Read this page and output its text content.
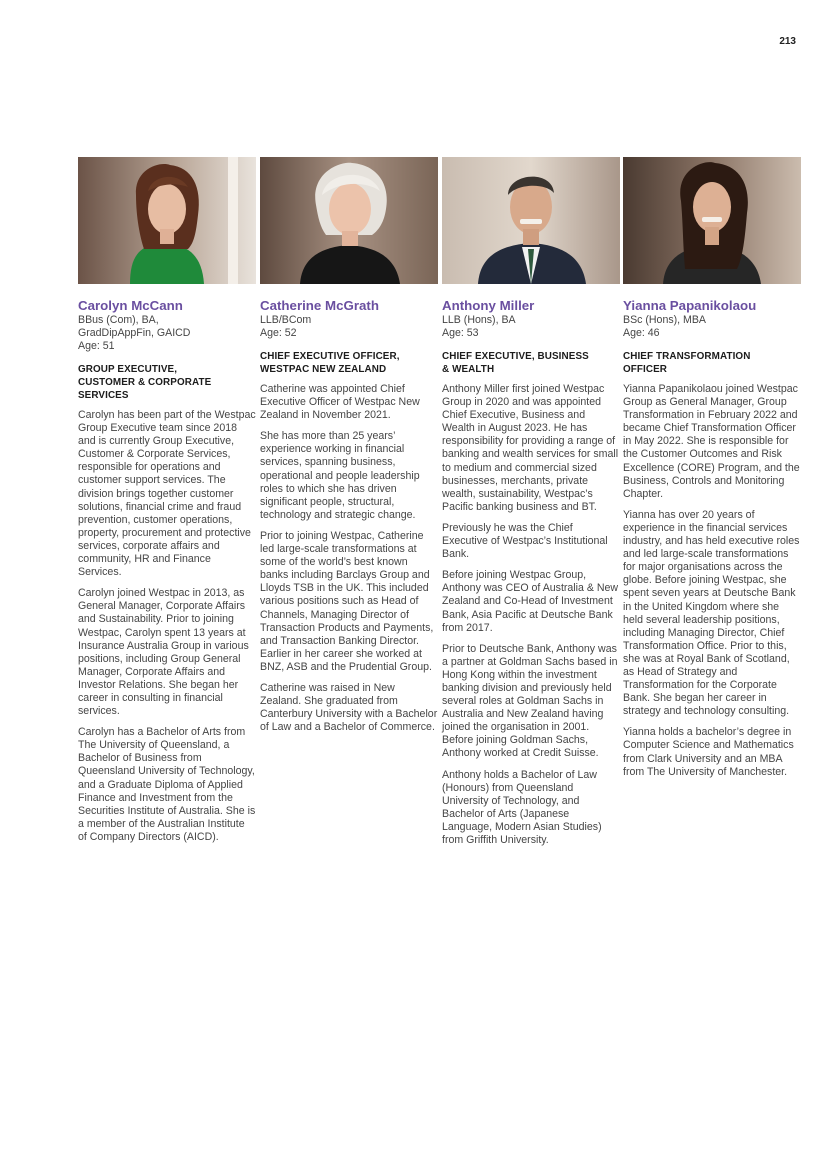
213
Carolyn McCann
BBus (Com), BA,
GradDipAppFin, GAICD
Age: 51
GROUP EXECUTIVE,
CUSTOMER & CORPORATE
SERVICES

Carolyn has been part of the Westpac Group Executive team since 2018 and is currently Group Executive, Customer & Corporate Services, responsible for operations and customer support services. The division brings together customer solutions, financial crime and fraud prevention, customer operations, property, procurement and protective services, corporate affairs and community, HR and Finance Services.

Carolyn joined Westpac in 2013, as General Manager, Corporate Affairs and Sustainability. Prior to joining Westpac, Carolyn spent 13 years at Insurance Australia Group in various positions, including Group General Manager, Corporate Affairs and Investor Relations. She began her career in consulting in financial services.

Carolyn has a Bachelor of Arts from The University of Queensland, a Bachelor of Business from Queensland University of Technology, and a Graduate Diploma of Applied Finance and Investment from the Securities Institute of Australia. She is a member of the Australian Institute of Company Directors (AICD).

Catherine McGrath
LLB/BCom
Age: 52
CHIEF EXECUTIVE OFFICER,
WESTPAC NEW ZEALAND

Catherine was appointed Chief Executive Officer of Westpac New Zealand in November 2021.

She has more than 25 years’ experience working in financial services, spanning business, operational and people leadership roles to which she has driven significant people, structural, technology and strategic change.

Prior to joining Westpac, Catherine led large-scale transformations at some of the world’s best known banks including Barclays Group and Lloyds TSB in the UK. This included various positions such as Head of Channels, Managing Director of Transaction Products and Payments, and Transaction Banking Director. Earlier in her career she worked at BNZ, ASB and the Prudential Group.

Catherine was raised in New Zealand. She graduated from Canterbury University with a Bachelor of Law and a Bachelor of Commerce.

Anthony Miller
LLB (Hons), BA
Age: 53
CHIEF EXECUTIVE, BUSINESS
& WEALTH

Anthony Miller first joined Westpac Group in 2020 and was appointed Chief Executive, Business and Wealth in August 2023. He has responsibility for providing a range of banking and wealth services for small to medium and commercial sized businesses, merchants, private wealth, sustainability, Westpac’s Pacific banking business and BT.

Previously he was the Chief Executive of Westpac’s Institutional Bank.

Before joining Westpac Group, Anthony was CEO of Australia & New Zealand and Co-Head of Investment Bank, Asia Pacific at Deutsche Bank from 2017.

Prior to Deutsche Bank, Anthony was a partner at Goldman Sachs based in Hong Kong within the investment banking division and previously held several roles at Goldman Sachs in Australia and New Zealand having joined the organisation in 2001. Before joining Goldman Sachs, Anthony worked at Credit Suisse.

Anthony holds a Bachelor of Law (Honours) from Queensland University of Technology, and Bachelor of Arts (Japanese Language, Modern Asian Studies) from Griffith University.

Yianna Papanikolaou
BSc (Hons), MBA
Age: 46
CHIEF TRANSFORMATION
OFFICER

Yianna Papanikolaou joined Westpac Group as General Manager, Group Transformation in February 2022 and became Chief Transformation Officer in May 2022. She is responsible for the Customer Outcomes and Risk Excellence (CORE) Program, and the Business, Controls and Monitoring Chapter.

Yianna has over 20 years of experience in the financial services industry, and has held executive roles and led large-scale transformations for major organisations across the globe. Before joining Westpac, she spent seven years at Deutsche Bank in the United Kingdom where she held several leadership positions, including Managing Director, Chief Transformation Office. Prior to this, she was at Royal Bank of Scotland, as Head of Strategy and Transformation for the Corporate Bank. She began her career in strategy and technology consulting.

Yianna holds a bachelor’s degree in Computer Science and Mathematics from Clark University and an MBA from The University of Manchester.
